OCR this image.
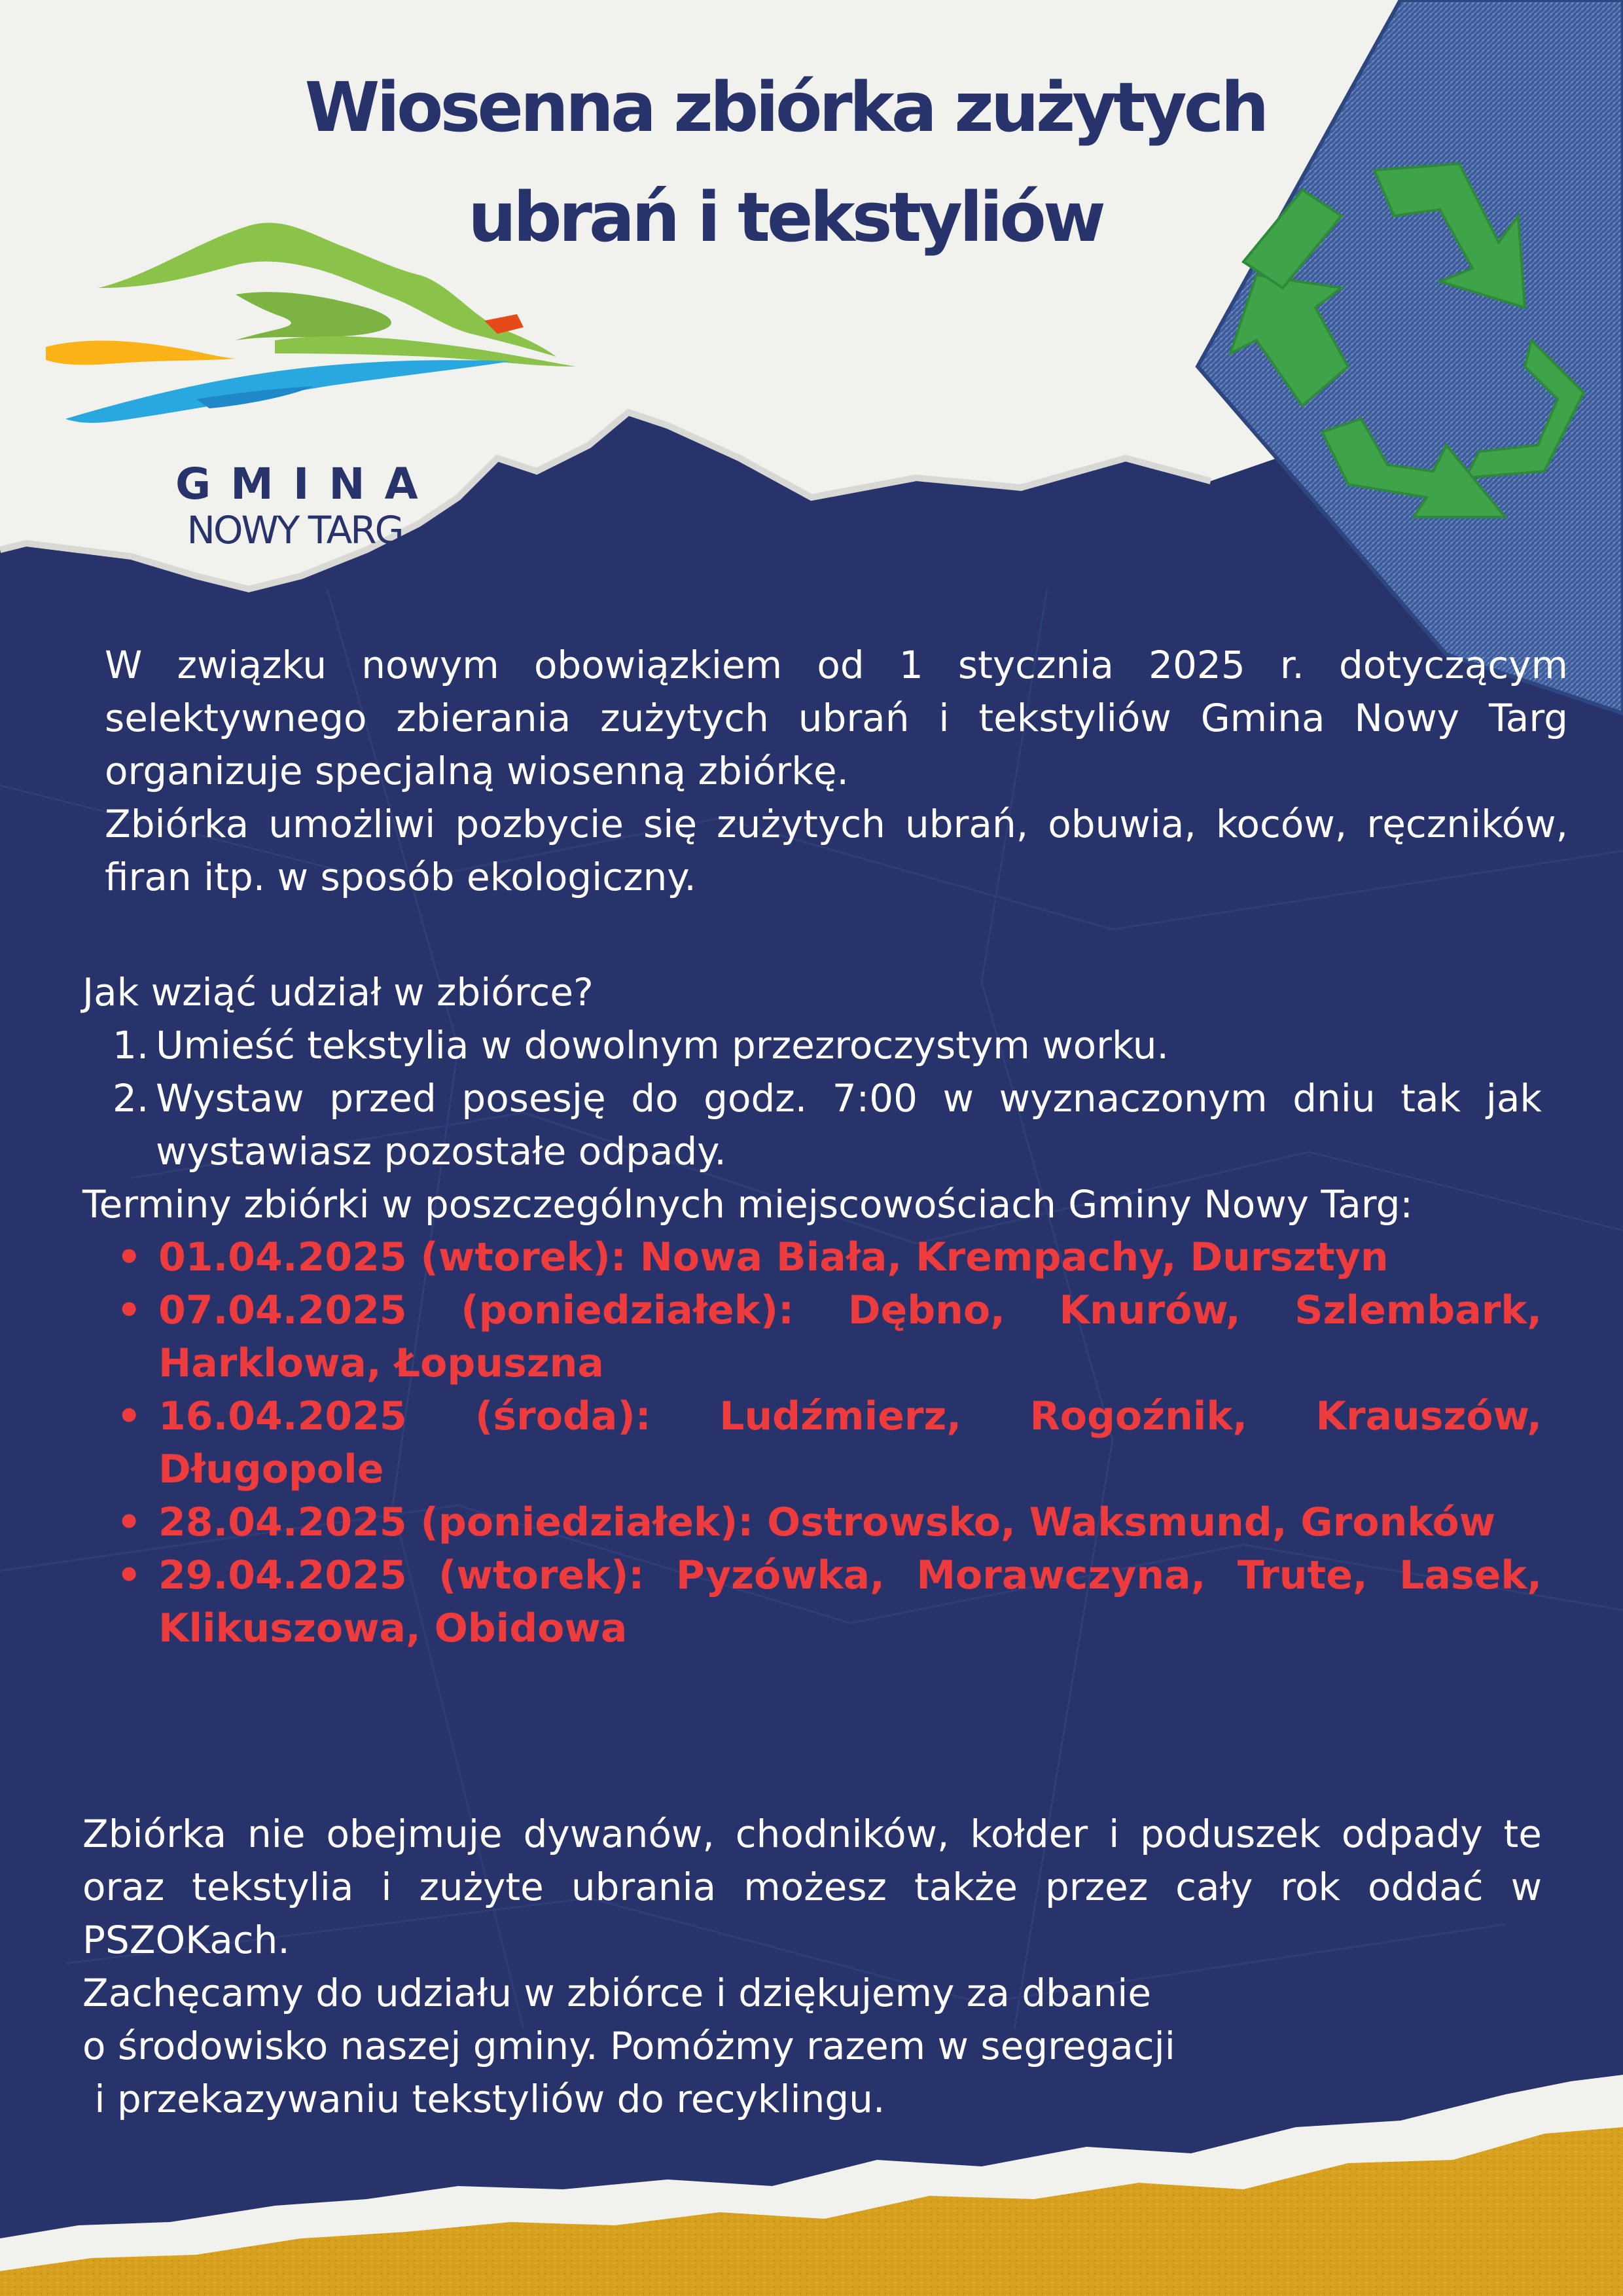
Wiosenna zbiórka zużytych
ubrań i tekstyliów
GMINA
NOWY TARG

W związku nowym obowiązkiem od 1 stycznia 2025 r. dotyczącym selektywnego zbierania zużytych ubrań i tekstyliów Gmina Nowy Targ organizuje specjalną wiosenną zbiórkę.

Zbiórka umożliwi pozbycie się zużytych ubrań, obuwia, koców, ręczników, firan itp. w sposób ekologiczny.

Jak wziąć udział w zbiórce?

1. Umieść tekstylia w dowolnym przezroczystym worku.
2. Wystaw przed posesję do godz. 7:00 w wyznaczonym dniu tak jak wystawiasz pozostałe odpady.

Terminy zbiórki w poszczególnych miejscowościach Gminy Nowy Targ:

• 01.04.2025 (wtorek): Nowa Biała, Krempachy, Dursztyn
• 07.04.2025 (poniedziałek): Dębno, Knurów, Szlembark, Harklowa, Łopuszna
• 16.04.2025 (środa): Ludźmierz, Rogoźnik, Krauszów, Długopole
• 28.04.2025 (poniedziałek): Ostrowsko, Waksmund, Gronków
• 29.04.2025 (wtorek): Pyzówka, Morawczyna, Trute, Lasek, Klikuszowa, Obidowa

Zbiórka nie obejmuje dywanów, chodników, kołder i poduszek odpady te oraz tekstylia i zużyte ubrania możesz także przez cały rok oddać w PSZOKach.

Zachęcamy do udziału w zbiórce i dziękujemy za dbanie

o środowisko naszej gminy. Pomóżmy razem w segregacji

i przekazywaniu tekstyliów do recyklingu.
